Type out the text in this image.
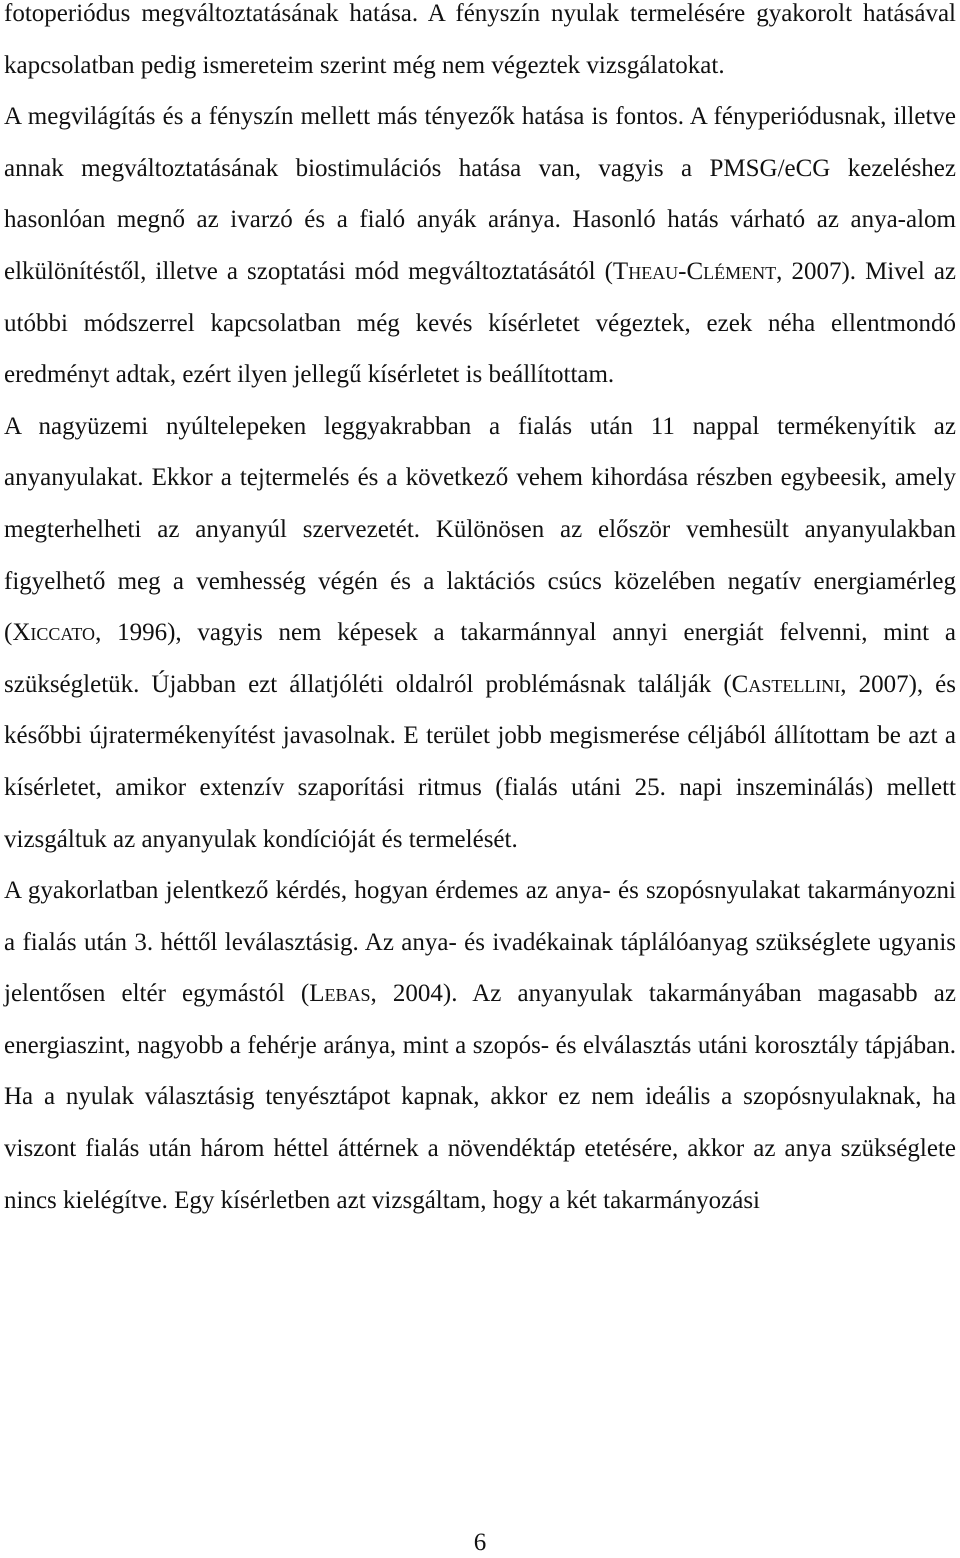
fotoperiódus megváltoztatásának hatása. A fényszín nyulak termelésére gyakorolt hatásával kapcsolatban pedig ismereteim szerint még nem végeztek vizsgálatokat.

A megvilágítás és a fényszín mellett más tényezők hatása is fontos. A fényperiódusnak, illetve annak megváltoztatásának biostimulációs hatása van, vagyis a PMSG/eCG kezeléshez hasonlóan megnő az ivarzó és a fialó anyák aránya. Hasonló hatás várható az anya-alom elkülönítéstől, illetve a szoptatási mód megváltoztatásától (Theau-Clément, 2007). Mivel az utóbbi módszerrel kapcsolatban még kevés kísérletet végeztek, ezek néha ellentmondó eredményt adtak, ezért ilyen jellegű kísérletet is beállítottam.

A nagyüzemi nyúltelepeken leggyakrabban a fialás után 11 nappal termékenyítik az anyanyulakat. Ekkor a tejtermelés és a következő vehem kihordása részben egybeesik, amely megterhelheti az anyanyúl szervezetét. Különösen az először vemhesült anyanyulakban figyelhető meg a vemhesség végén és a laktációs csúcs közelében negatív energiamérleg (Xiccato, 1996), vagyis nem képesek a takarmánnyal annyi energiát felvenni, mint a szükségletük. Újabban ezt állatjóléti oldalról problémásnak találják (Castellini, 2007), és későbbi újratermékenyítést javasolnak. E terület jobb megismerése céljából állítottam be azt a kísérletet, amikor extenzív szaporítási ritmus (fialás utáni 25. napi inszeminálás) mellett vizsgáltuk az anyanyulak kondícióját és termelését.

A gyakorlatban jelentkező kérdés, hogyan érdemes az anya- és szopósnyulakat takarmányozni a fialás után 3. héttől leválasztásig. Az anya- és ivadékainak táplálóanyag szükséglete ugyanis jelentősen eltér egymástól (Lebas, 2004). Az anyanyulak takarmányában magasabb az energiaszint, nagyobb a fehérje aránya, mint a szopós- és elválasztás utáni korosztály tápjában. Ha a nyulak választásig tenyésztápot kapnak, akkor ez nem ideális a szopósnyulaknak, ha viszont fialás után három héttel áttérnek a növendéktáp etetésére, akkor az anya szükséglete nincs kielégítve. Egy kísérletben azt vizsgáltam, hogy a két takarmányozási

6
